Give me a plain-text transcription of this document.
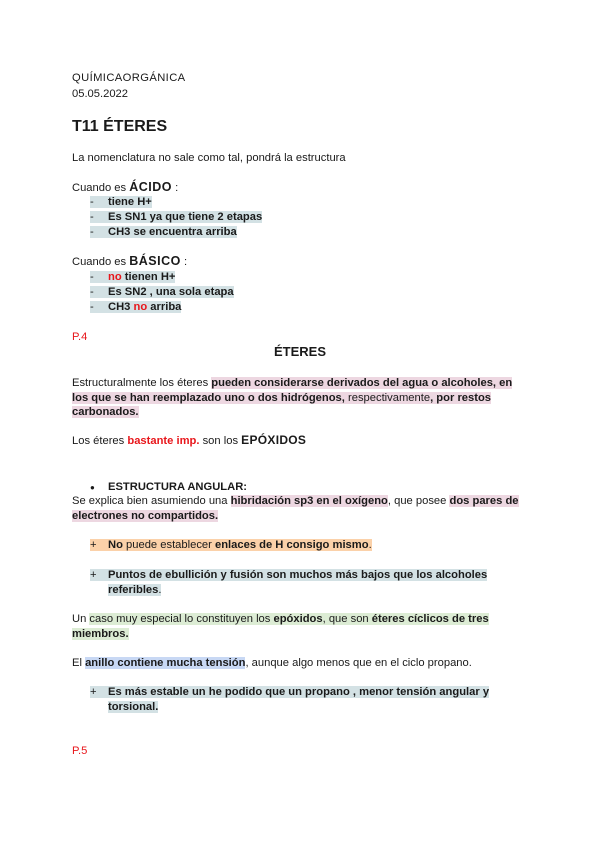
QUÍMICAORGÁNICA
05.05.2022
T11 ÉTERES
La nomenclatura no sale como tal, pondrá la estructura
Cuando es ÁCIDO :
- tiene H+
- Es SN1 ya que tiene 2 etapas
- CH3 se encuentra arriba
Cuando es BÁSICO :
- no tienen H+
- Es SN2 , una sola etapa
- CH3 no arriba
P.4
ÉTERES
Estructuralmente los éteres pueden considerarse derivados del agua o alcoholes, en
los que se han reemplazado uno o dos hidrógenos, respectivamente, por restos
carbonados.
Los éteres bastante imp. son los EPÓXIDOS
● ESTRUCTURA ANGULAR:
Se explica bien asumiendo una hibridación sp3 en el oxígeno, que posee dos pares de
electrones no compartidos.
+ No puede establecer enlaces de H consigo mismo.
+ Puntos de ebullición y fusión son muchos más bajos que los alcoholes
referibles.
Un caso muy especial lo constituyen los epóxidos, que son éteres cíclicos de tres
miembros.
El anillo contiene mucha tensión, aunque algo menos que en el ciclo propano.
+ Es más estable un he podido que un propano , menor tensión angular y
torsional.
P.5
